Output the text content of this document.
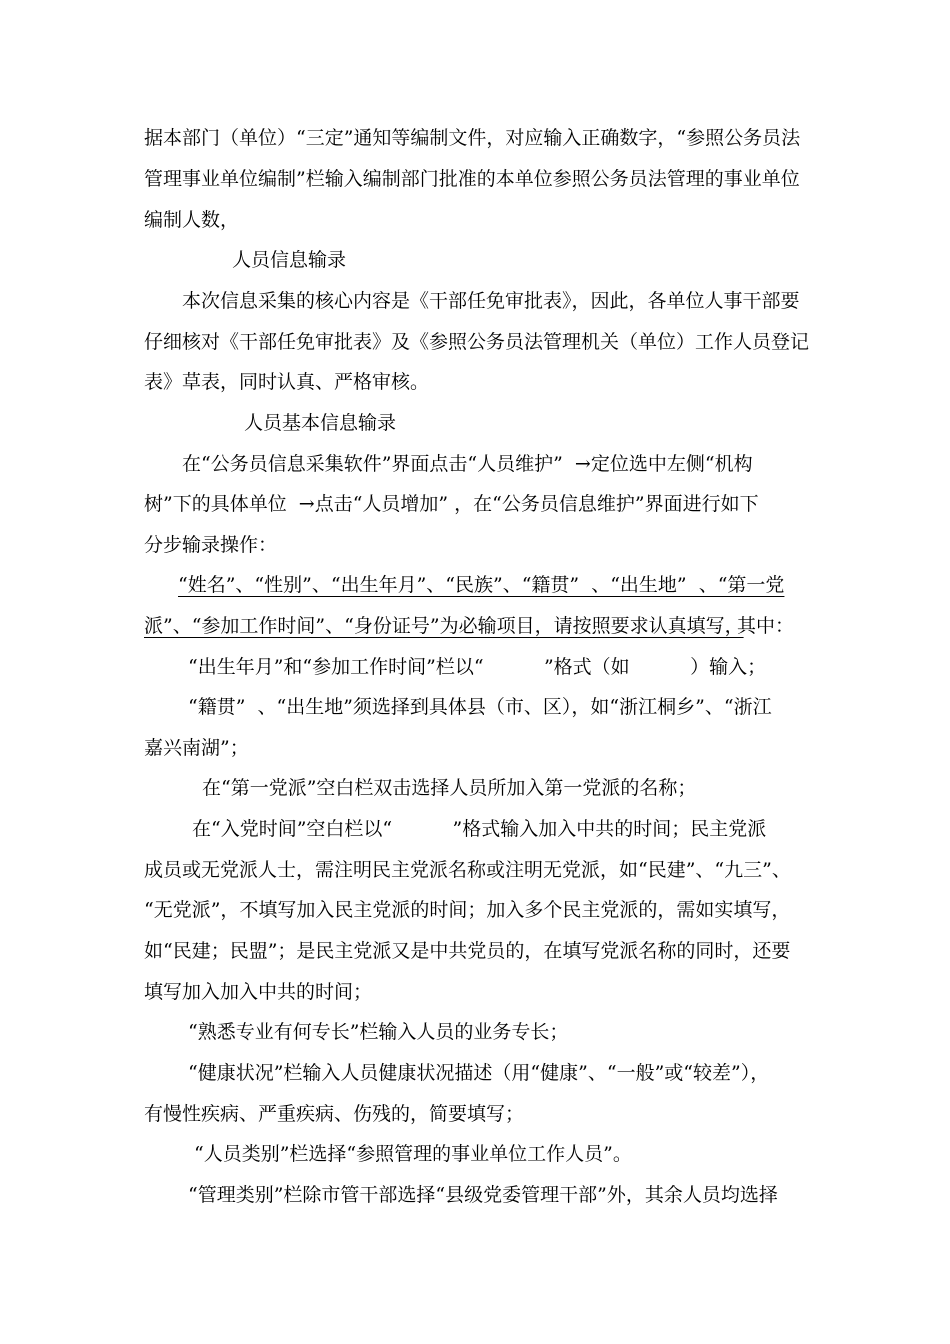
据本部门（单位）“三定”通知等编制文件，对应输入正确数字，“参照公务员法
管理事业单位编制”栏输入编制部门批准的本单位参照公务员法管理的事业单位
编制人数，
人员信息输录
本次信息采集的核心内容是《干部任免审批表》，因此，各单位人事干部要
仔细核对《干部任免审批表》及《参照公务员法管理机关（单位）工作人员登记
表》草表，同时认真、严格审核。
人员基本信息输录
在“公务员信息采集软件”界面点击“人员维护”  →定位选中左侧“机构
树”下的具体单位  →点击“人员增加” ，在“公务员信息维护”界面进行如下
分步输录操作：
“姓名”、“性别”、“出生年月”、“民族”、“籍贯”  、“出生地”  、“第一党
派”、“参加工作时间”、“身份证号”为必输项目，请按照要求认真填写，
其中：
“出生年月”和“参加工作时间”栏以“          ”格式（如          ）输入；
“籍贯”  、“出生地”须选择到具体县（市、区），如“浙江桐乡”、“浙江
嘉兴南湖”；
在“第一党派”空白栏双击选择人员所加入第一党派的名称；
在“入党时间”空白栏以“          ”格式输入加入中共的时间；民主党派
成员或无党派人士，需注明民主党派名称或注明无党派，如“民建”、“九三”、
“无党派”，不填写加入民主党派的时间；加入多个民主党派的，需如实填写，
如“民建；民盟”；是民主党派又是中共党员的，在填写党派名称的同时，还要
填写加入加入中共的时间；
“熟悉专业有何专长”栏输入人员的业务专长；
“健康状况”栏输入人员健康状况描述（用“健康”、“一般”或“较差”），
有慢性疾病、严重疾病、伤残的，简要填写；
“人员类别”栏选择“参照管理的事业单位工作人员”。
“管理类别”栏除市管干部选择“县级党委管理干部”外，其余人员均选择
